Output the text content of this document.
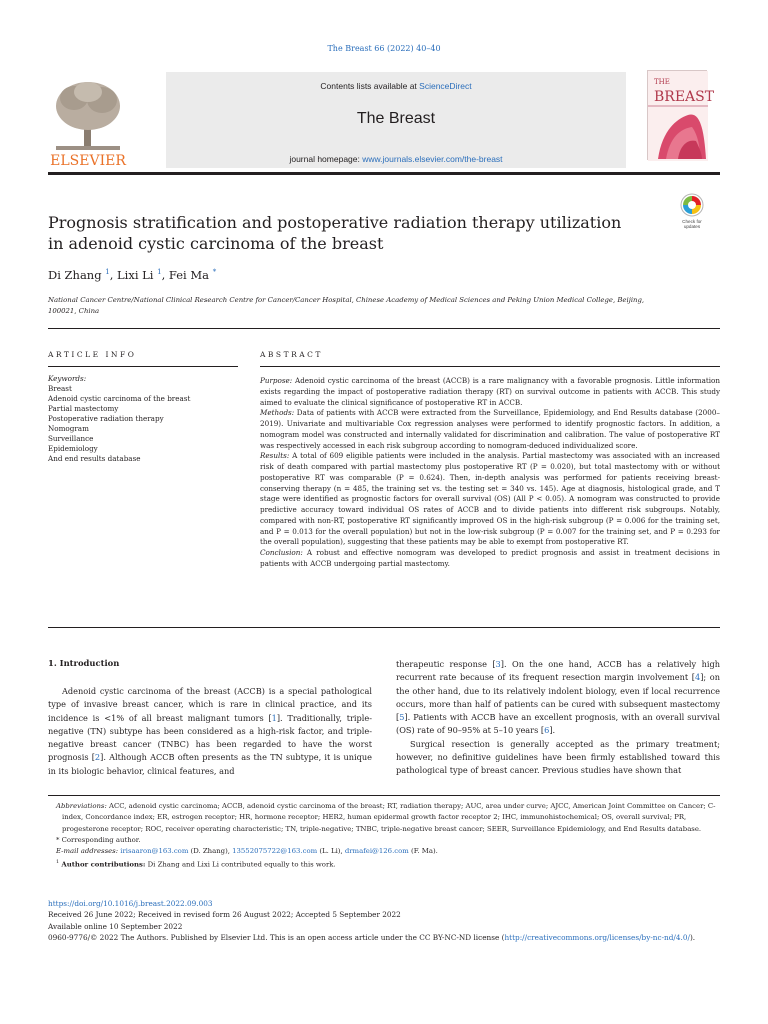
The Breast 66 (2022) 40–40
ELSEVIER
Contents lists available at ScienceDirect
The Breast
journal homepage: www.journals.elsevier.com/the-breast
THE
BREAST
Prognosis stratification and postoperative radiation therapy utilization in adenoid cystic carcinoma of the breast
Check for
updates
Di Zhang $^1$, Lixi Li $^1$, Fei Ma *
National Cancer Centre/National Clinical Research Centre for Cancer/Cancer Hospital, Chinese Academy of Medical Sciences and Peking Union Medical College, Beijing, 100021, China
ARTICLE INFO
Keywords:
Breast
Adenoid cystic carcinoma of the breast
Partial mastectomy
Postoperative radiation therapy
Nomogram
Surveillance
Epidemiology
And end results database
ABSTRACT

Purpose: Adenoid cystic carcinoma of the breast (ACCB) is a rare malignancy with a favorable prognosis. Little information exists regarding the impact of postoperative radiation therapy (RT) on survival outcome in patients with ACCB. This study aimed to evaluate the clinical significance of postoperative RT in ACCB.

Methods: Data of patients with ACCB were extracted from the Surveillance, Epidemiology, and End Results database (2000–2019). Univariate and multivariable Cox regression analyses were performed to identify prognostic factors. In addition, a nomogram model was constructed and internally validated for discrimination and calibration. The value of postoperative RT was respectively accessed in each risk subgroup according to nomogram-deduced individualized score.

Results: A total of 609 eligible patients were included in the analysis. Partial mastectomy was associated with an increased risk of death compared with partial mastectomy plus postoperative RT (P = 0.020), but total mastectomy with or without postoperative RT was comparable (P = 0.624). Then, in-depth analysis was performed for patients receiving breast-conserving therapy (n = 485, the training set vs. the testing set = 340 vs. 145). Age at diagnosis, histological grade, and T stage were identified as prognostic factors for overall survival (OS) (All P < 0.05). A nomogram was constructed to provide predictive accuracy toward individual OS rates of ACCB and to divide patients into different risk subgroups. Notably, compared with non-RT, postoperative RT significantly improved OS in the high-risk subgroup (P = 0.006 for the training set, and P = 0.013 for the overall population) but not in the low-risk subgroup (P = 0.007 for the training set, and P = 0.293 for the overall population), suggesting that these patients may be able to exempt from postoperative RT.

Conclusion: A robust and effective nomogram was developed to predict prognosis and assist in treatment decisions in patients with ACCB undergoing partial mastectomy.

1. Introduction

Adenoid cystic carcinoma of the breast (ACCB) is a special pathological type of invasive breast cancer, which is rare in clinical practice, and its incidence is <1% of all breast malignant tumors [1]. Traditionally, triple-negative (TN) subtype has been considered as a high-risk factor, and triple-negative breast cancer (TNBC) has been regarded to have the worst prognosis [2]. Although ACCB often presents as the TN subtype, it is unique in its biologic behavior, clinical features, and

therapeutic response [3]. On the one hand, ACCB has a relatively high recurrent rate because of its frequent resection margin involvement [4]; on the other hand, due to its relatively indolent biology, even if local recurrence occurs, more than half of patients can be cured with subsequent mastectomy [5]. Patients with ACCB have an excellent prognosis, with an overall survival (OS) rate of 90–95% at 5–10 years [6].

Surgical resection is generally accepted as the primary treatment; however, no definitive guidelines have been firmly established toward this pathological type of breast cancer. Previous studies have shown that

Abbreviations: ACC, adenoid cystic carcinoma; ACCB, adenoid cystic carcinoma of the breast; RT, radiation therapy; AUC, area under curve; AJCC, American Joint Committee on Cancer; C-index, Concordance index; ER, estrogen receptor; HR, hormone receptor; HER2, human epidermal growth factor receptor 2; IHC, immunohistochemical; OS, overall survival; PR, progesterone receptor; ROC, receiver operating characteristic; TN, triple-negative; TNBC, triple-negative breast cancer; SEER, Surveillance Epidemiology, and End Results database.
* Corresponding author.
E-mail addresses: irisaaron@163.com (D. Zhang), 13552075722@163.com (L. Li), drmafei@126.com (F. Ma).
$^1$ Author contributions: Di Zhang and Lixi Li contributed equally to this work.
https://doi.org/10.1016/j.breast.2022.09.003
Received 26 June 2022; Received in revised form 26 August 2022; Accepted 5 September 2022
Available online 10 September 2022
0960-9776/© 2022 The Authors. Published by Elsevier Ltd. This is an open access article under the CC BY-NC-ND license (http://creativecommons.org/licenses/by-nc-nd/4.0/).
